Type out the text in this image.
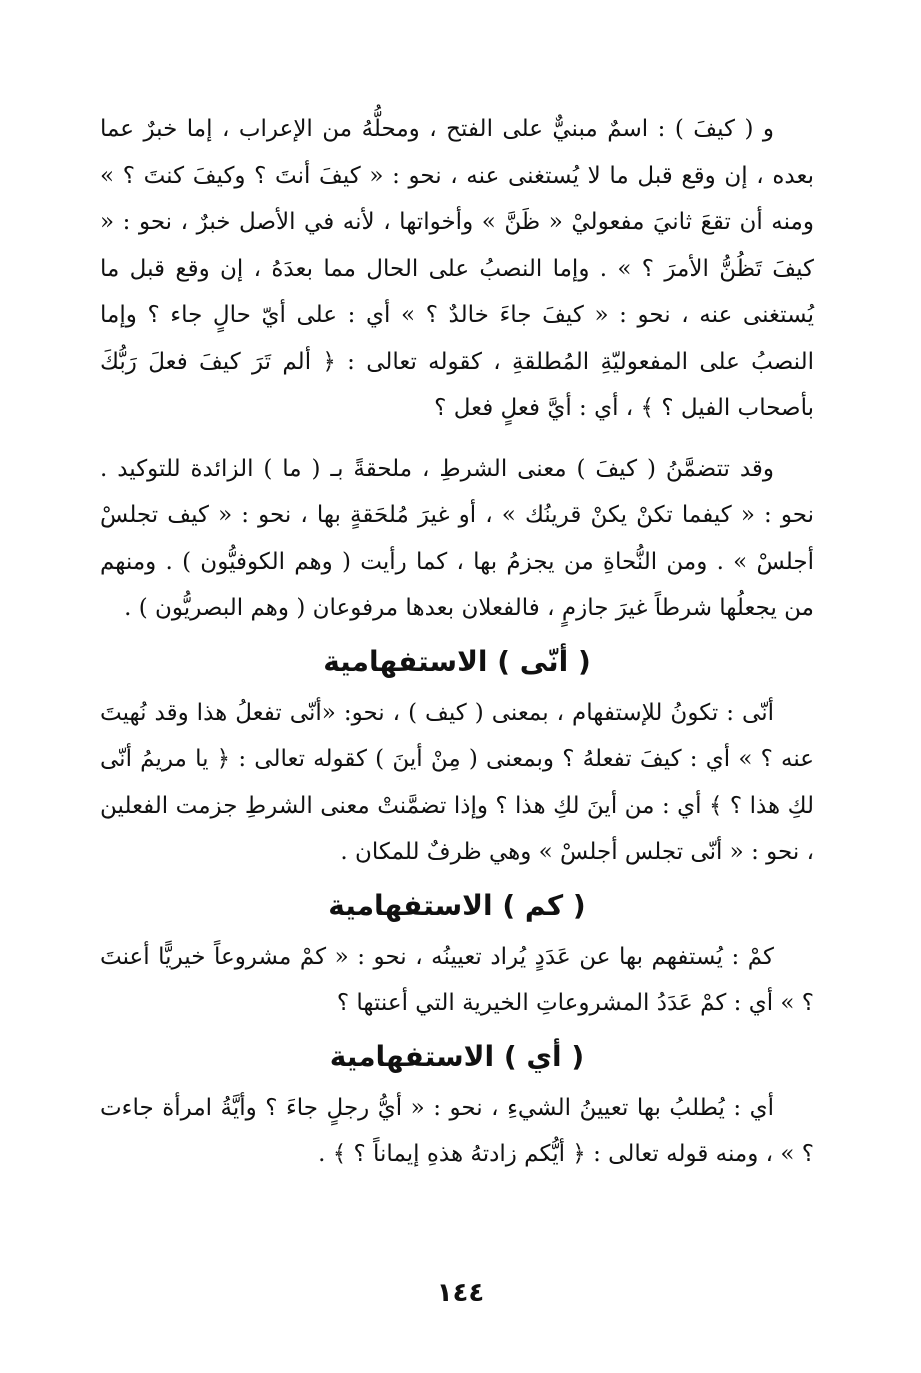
و ( كيفَ ) : اسمٌ مبنيٌّ على الفتح ، ومحلُّهُ من الإعراب ، إما خبرٌ عما بعده ، إن وقع قبل ما لا يُستغنى عنه ، نحو : « كيفَ أنتَ ؟ وكيفَ كنتَ ؟ » ومنه أن تقعَ ثانيَ مفعوليْ « ظَنَّ » وأخواتها ، لأنه في الأصل خبرٌ ، نحو : « كيفَ تَظُنُّ الأمرَ ؟ » . وإما النصبُ على الحال مما بعدَهُ ، إن وقع قبل ما يُستغنى عنه ، نحو : « كيفَ جاءَ خالدٌ ؟ » أي : على أيّ حالٍ جاء ؟ وإما النصبُ على المفعوليّةِ المُطلقةِ ، كقوله تعالى : ﴿ ألم تَرَ كيفَ فعلَ رَبُّكَ بأصحاب الفيل ؟ ﴾ ، أي : أيَّ فعلٍ فعل ؟

وقد تتضمَّنُ ( كيفَ ) معنى الشرطِ ، ملحقةً بـ ( ما ) الزائدة للتوكيد . نحو : « كيفما تكنْ يكنْ قرينُك » ، أو غيرَ مُلحَقةٍ بها ، نحو : « كيف تجلسْ أجلسْ » . ومن النُّحاةِ من يجزمُ بها ، كما رأيت ( وهم الكوفيُّون ) . ومنهم من يجعلُها شرطاً غيرَ جازمٍ ، فالفعلان بعدها مرفوعان ( وهم البصريُّون ) .

( أنّى ) الاستفهامية

أنّى : تكونُ للإستفهام ، بمعنى ( كيف ) ، نحو: «أنّى تفعلُ هذا وقد نُهيتَ عنه ؟ » أي : كيفَ تفعلهُ ؟ وبمعنى ( مِنْ أينَ ) كقوله تعالى : ﴿ يا مريمُ أنّى لكِ هذا ؟ ﴾ أي : من أينَ لكِ هذا ؟ وإذا تضمَّنتْ معنى الشرطِ جزمت الفعلين ، نحو : « أنّى تجلس أجلسْ » وهي ظرفٌ للمكان .

( كم ) الاستفهامية

كمْ : يُستفهم بها عن عَدَدٍ يُراد تعيينُه ، نحو : « كمْ مشروعاً خيريًّا أعنتَ ؟ » أي : كمْ عَدَدُ المشروعاتِ الخيرية التي أعنتها ؟

( أي ) الاستفهامية

أي : يُطلبُ بها تعيينُ الشيءِ ، نحو : « أيُّ رجلٍ جاءَ ؟ وأيَّةُ امرأة جاءت ؟ » ، ومنه قوله تعالى : ﴿ أيُّكم زادتهُ هذهِ إيماناً ؟ ﴾ .

١٤٤
